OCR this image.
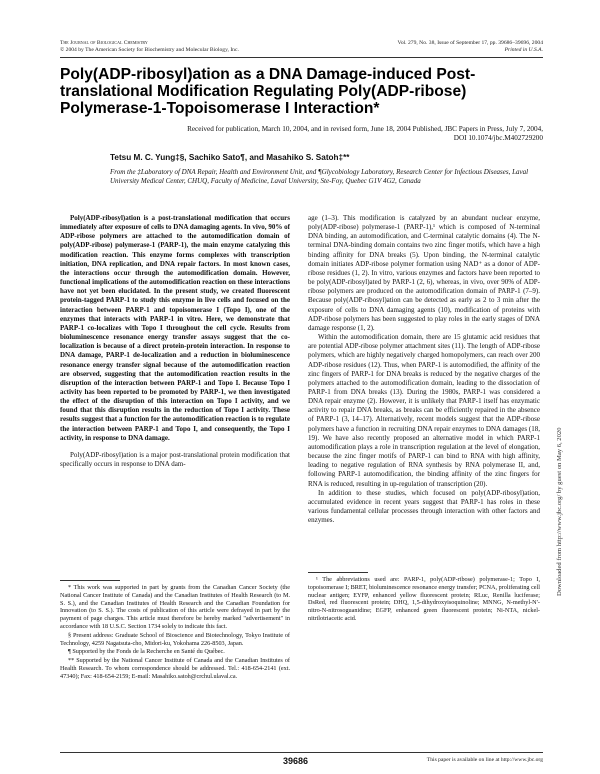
The Journal of Biological Chemistry
© 2004 by The American Society for Biochemistry and Molecular Biology, Inc.
Vol. 279, No. 38, Issue of September 17, pp. 39686–39696, 2004
Printed in U.S.A.
Poly(ADP-ribosyl)ation as a DNA Damage-induced Post-translational Modification Regulating Poly(ADP-ribose) Polymerase-1-Topoisomerase I Interaction*
Received for publication, March 10, 2004, and in revised form, June 18, 2004 Published, JBC Papers in Press, July 7, 2004, DOI 10.1074/jbc.M402729200
Tetsu M. C. Yung‡§, Sachiko Sato¶, and Masahiko S. Satoh‡**
From the ‡Laboratory of DNA Repair, Health and Environment Unit, and ¶Glycobiology Laboratory, Research Center for Infectious Diseases, Laval University Medical Center, CHUQ, Faculty of Medicine, Laval University, Ste-Foy, Quebec G1V 4G2, Canada

Poly(ADP-ribosyl)ation is a post-translational modification that occurs immediately after exposure of cells to DNA damaging agents. In vivo, 90% of ADP-ribose polymers are attached to the automodification domain of poly(ADP-ribose) polymerase-1 (PARP-1), the main enzyme catalyzing this modification reaction. This enzyme forms complexes with transcription initiation, DNA replication, and DNA repair factors. In most known cases, the interactions occur through the automodification domain. However, functional implications of the automodification reaction on these interactions have not yet been elucidated. In the present study, we created fluorescent protein-tagged PARP-1 to study this enzyme in live cells and focused on the interaction between PARP-1 and topoisomerase I (Topo I), one of the enzymes that interacts with PARP-1 in vitro. Here, we demonstrate that PARP-1 co-localizes with Topo I throughout the cell cycle. Results from bioluminescence resonance energy transfer assays suggest that the co-localization is because of a direct protein-protein interaction. In response to DNA damage, PARP-1 de-localization and a reduction in bioluminescence resonance energy transfer signal because of the automodification reaction are observed, suggesting that the automodification reaction results in the disruption of the interaction between PARP-1 and Topo I. Because Topo I activity has been reported to be promoted by PARP-1, we then investigated the effect of the disruption of this interaction on Topo I activity, and we found that this disruption results in the reduction of Topo I activity. These results suggest that a function for the automodification reaction is to regulate the interaction between PARP-1 and Topo I, and consequently, the Topo I activity, in response to DNA damage.

Poly(ADP-ribosyl)ation is a major post-translational protein modification that specifically occurs in response to DNA dam-

* This work was supported in part by grants from the Canadian Cancer Society (the National Cancer Institute of Canada) and the Canadian Institutes of Health Research (to M. S. S.), and the Canadian Institutes of Health Research and the Canadian Foundation for Innovation (to S. S.). The costs of publication of this article were defrayed in part by the payment of page charges. This article must therefore be hereby marked "advertisement" in accordance with 18 U.S.C. Section 1734 solely to indicate this fact.

§ Present address: Graduate School of Bioscience and Biotechnology, Tokyo Institute of Technology, 4259 Nagatsuta-cho, Midori-ku, Yokohama 226-8503, Japan.

¶ Supported by the Fonds de la Recherche en Santé du Québec.

** Supported by the National Cancer Institute of Canada and the Canadian Institutes of Health Research. To whom correspondence should be addressed. Tel.: 418-654-2141 (ext. 47340); Fax: 418-654-2159; E-mail: Masahiko.satoh@crchul.ulaval.ca.

age (1–3). This modification is catalyzed by an abundant nuclear enzyme, poly(ADP-ribose) polymerase-1 (PARP-1),¹ which is composed of N-terminal DNA binding, an automodification, and C-terminal catalytic domains (4). The N-terminal DNA-binding domain contains two zinc finger motifs, which have a high binding affinity for DNA breaks (5). Upon binding, the N-terminal catalytic domain initiates ADP-ribose polymer formation using NAD⁺ as a donor of ADP-ribose residues (1, 2). In vitro, various enzymes and factors have been reported to be poly(ADP-ribosyl)ated by PARP-1 (2, 6), whereas, in vivo, over 90% of ADP-ribose polymers are produced on the automodification domain of PARP-1 (7–9). Because poly(ADP-ribosyl)ation can be detected as early as 2 to 3 min after the exposure of cells to DNA damaging agents (10), modification of proteins with ADP-ribose polymers has been suggested to play roles in the early stages of DNA damage response (1, 2).

Within the automodification domain, there are 15 glutamic acid residues that are potential ADP-ribose polymer attachment sites (11). The length of ADP-ribose polymers, which are highly negatively charged homopolymers, can reach over 200 ADP-ribose residues (12). Thus, when PARP-1 is automodified, the affinity of the zinc fingers of PARP-1 for DNA breaks is reduced by the negative charges of the polymers attached to the automodification domain, leading to the dissociation of PARP-1 from DNA breaks (13). During the 1980s, PARP-1 was considered a DNA repair enzyme (2). However, it is unlikely that PARP-1 itself has enzymatic activity to repair DNA breaks, as breaks can be efficiently repaired in the absence of PARP-1 (3, 14–17). Alternatively, recent models suggest that the ADP-ribose polymers have a function in recruiting DNA repair enzymes to DNA damages (18, 19). We have also recently proposed an alternative model in which PARP-1 automodification plays a role in transcription regulation at the level of elongation, because the zinc finger motifs of PARP-1 can bind to RNA with high affinity, leading to negative regulation of RNA synthesis by RNA polymerase II, and, following PARP-1 automodification, the binding affinity of the zinc fingers for RNA is reduced, resulting in up-regulation of transcription (20).

In addition to these studies, which focused on poly(ADP-ribosyl)ation, accumulated evidence in recent years suggest that PARP-1 has roles in these various fundamental cellular processes through interaction with other factors and enzymes.

¹ The abbreviations used are: PARP-1, poly(ADP-ribose) polymerase-1; Topo I, topoisomerase I; BRET, bioluminescence resonance energy transfer; PCNA, proliferating cell nuclear antigen; EYFP, enhanced yellow fluorescent protein; RLuc, Renilla luciferase; DsRed, red fluorescent protein; DHQ, 1,5-dihydroxyisoquinoline; MNNG, N-methyl-N′-nitro-N-nitrosoguanidine; EGFP, enhanced green fluorescent protein; Ni-NTA, nickel-nitrilotriacetic acid.

39686	This paper is available on line at http://www.jbc.org
Downloaded from http://www.jbc.org/ by guest on May 6, 2020
